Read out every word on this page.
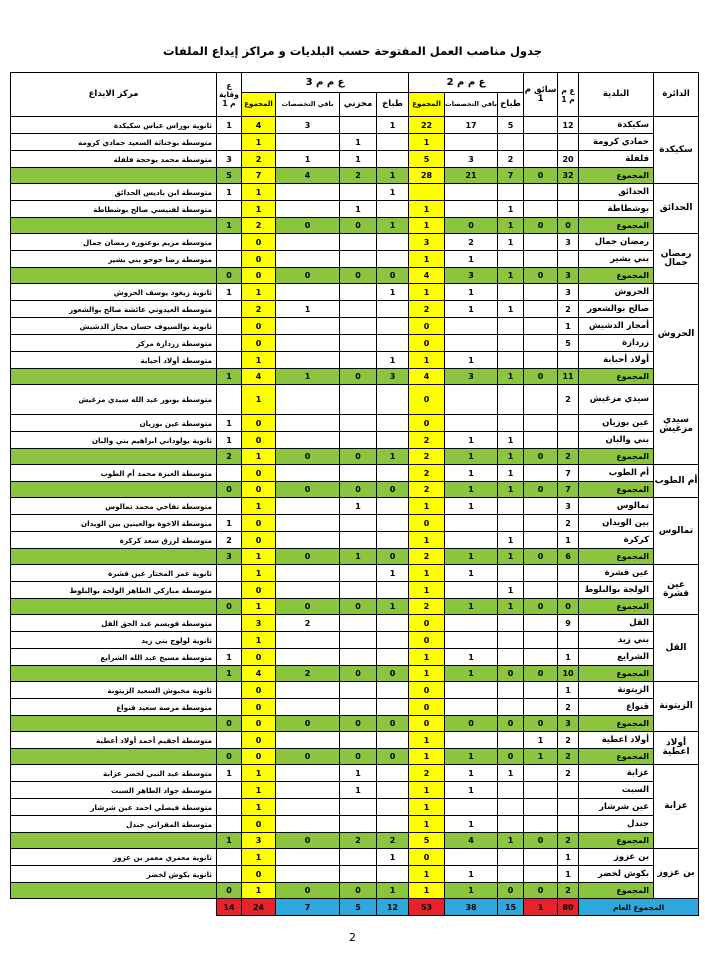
جدول مناصب العمل المفتوحة حسب البلديات و مراكز إيداع الملفات
الدائرة	البلدية	ع م م 1	سائق م 1	ع م م 2			ع م م 3				ع وقاية م 1	مركز الايداع
				طباخ	باقي التخصصات	المجموع	طباخ	مخزني	باقي التخصصات	المجموع		
سكيكدة	سكيكدة	12		5	17	22	1		3	4	1	ثانوية بوراس عباس سكيكدة
	حمادي كرومة					1		1		1		متوسطة بوخناثة السعيد حمادي كرومة
	فلفلة	20		2	3	5		1	1	2	3	متوسطة محمد بوحجة فلفلة
	المجموع	32	0	7	21	28	1	2	4	7	5	
الحدائق	الحدائق						1			1	1	متوسطة ابن باديس الحدائق
	بوشطاطة			1		1		1		1		متوسطة لفنيسي صالح بوشطاطة
	المجموع	0	0	1	0	1	1	0	0	2	1	
رمضان جمال	رمضان جمال	3		1	2	3				0		متوسطة مريم بوعتورة رمضان جمال
	بني بشير				1	1				0		متوسطة رضا حوحو بني بشير
	المجموع	3	0	1	3	4	0	0	0	0	0	
الحروش	الحروش	3			1	1	1			1	1	ثانوية زيغود يوسف الحروش
	صالح بوالشعور	2		1	1	2			1	2		متوسطة العيدوني عائشة صالح بوالشعور
	أمجاز الدشيش	1				0				0		ثانوية بوالسيوف حسان مجاز الدشيش
	زردازة	5				0				0		متوسطة زردازة مركز
	أولاد أحبابة				1	1	1			1		متوسطة أولاد أحبابة
	المجموع	11	0	1	3	4	3	0	1	4	1	
سيدي مزغيش	سيدي مزغيش	2				0				1		متوسطة بونور عبد الله سيدي مزغيش
	عين بوزيان					0				0	1	متوسطة عين بوزيان
	بني والبان			1	1	2				0	1	ثانوية بولوداني ابراهيم بني والبان
	المجموع	2	0	1	1	2	1	0	0	1	2	
أم الطوب	أم الطوب	7		1	1	2				0		متوسطة العيزة محمد أم الطوب
	المجموع	7	0	1	1	2	0	0	0	0	0	
تمالوس	تمالوس	3			1	1		1		1		متوسطة تفاحي محمد تمالوس
	بين الويدان	2				0				0	1	متوسطة الاخوة بوالعينين بين الويدان
	كركرة	1		1		1				0	2	متوسطة لزرق سعد كركرة
	المجموع	6	0	1	1	2	0	1	0	1	3	
عين قشرة	عين قشرة				1	1	1			1		ثانوية عمر المختار عين قشرة
	الولجة بوالبلوط			1		1				0		متوسطة مباركي الطاهر الولجة بوالبلوط
	المجموع	0	0	1	1	2	1	0	0	1	0	
القل	القل	9				0			2	3		متوسطة قويسم عبد الحق القل
	بني زيد					0				1		ثانوية لولوج بني زيد
	الشرايع	1			1	1				0	1	متوسطة مسيخ عبد الله الشرايع
	المجموع	10	0	0	1	1	0	0	2	4	1	
الزيتونة	الزيتونة	1				0				0		ثانوية مخبوش السعيد الزيتونة
	قنواع	2				0				0		متوسطة مرصة سعيد قنواع
	المجموع	3	0	0	0	0	0	0	0	0	0	
أولاد اعطية	أولاد اعطية	2	1			1				0		متوسطة أجقيم أحمد أولاد أعطية
	المجموع	2	1	0	1	1	0	0	0	0	0	
عزابة	عزابة	2		1	1	2		1		1	1	متوسطة عبد النبي لخضر عزابة
	السبت				1	1		1		1		متوسطة جواد الطاهر السبت
	عين شرشار					1				1		متوسطة فيصلي احمد عين شرشار
	جندل				1	1				0		متوسطة المقراني جندل
	المجموع	2	0	1	4	5	2	2	0	3	1	
بن عزوز	بن عزوز	1				0	1			1		ثانوية معمري معمر بن عزوز
	بكوش لخضر	1			1	1				0		ثانوية بكوش لخضر
	المجموع	2	0	0	1	1	1	0	0	1	0	
المجموع العام		80	1	15	38	53	12	5	7	24	14	
2
